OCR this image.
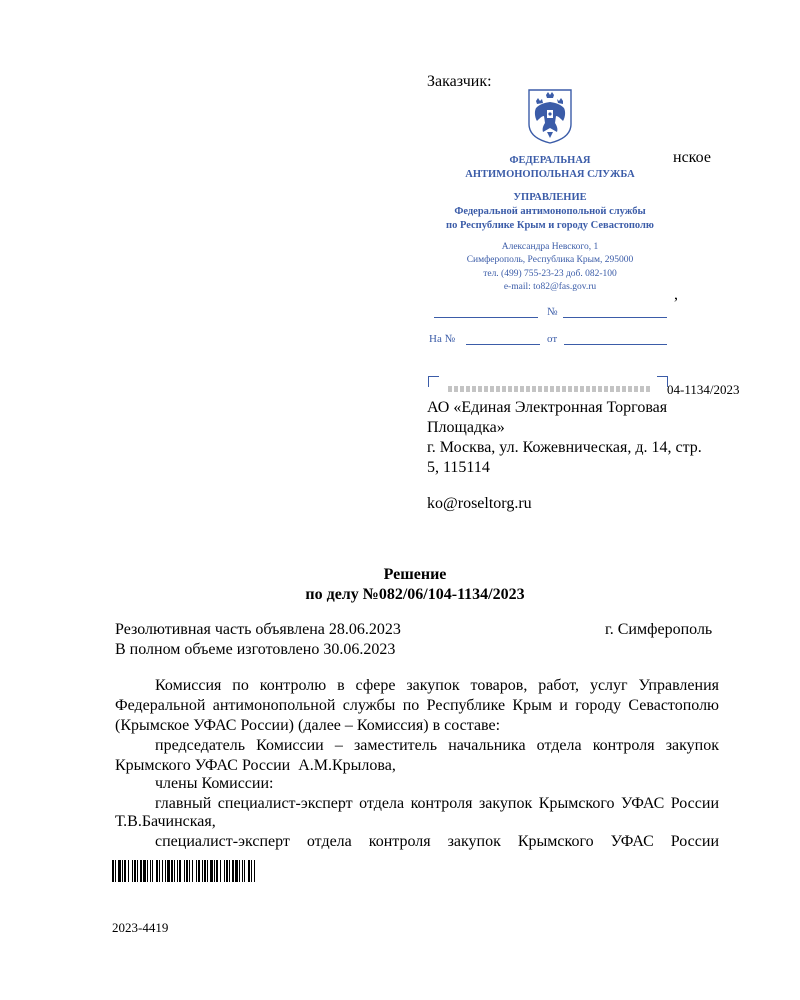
Заказчик:
нское
,
ФЕДЕРАЛЬНАЯ
АНТИМОНОПОЛЬНАЯ СЛУЖБА
УПРАВЛЕНИЕ
Федеральной антимонопольной службы
по Республике Крым и городу Севастополю
Александра Невского, 1
Симферополь, Республика Крым, 295000
тел. (499) 755-23-23 доб. 082-100
e-mail: to82@fas.gov.ru
№
На №	от
04-1134/2023
АО «Единая Электронная Торговая
Площадка»
г. Москва, ул. Кожевническая, д. 14, стр.
5, 115114
ko@roseltorg.ru
Решение
по делу №082/06/104-1134/2023
Резолютивная часть объявлена 28.06.2023	г. Симферополь
В полном объеме изготовлено 30.06.2023
Комиссия по контролю в сфере закупок товаров, работ, услуг Управления
Федеральной антимонопольной службы по Республике Крым и городу Севастополю
(Крымское УФАС России) (далее – Комиссия) в составе:
председатель Комиссии – заместитель начальника отдела контроля закупок
Крымского УФАС России  А.М.Крылова,
члены Комиссии:
главный специалист-эксперт отдела контроля закупок Крымского УФАС России
Т.В.Бачинская,
специалист-эксперт отдела контроля закупок Крымского УФАС России
2023-4419
